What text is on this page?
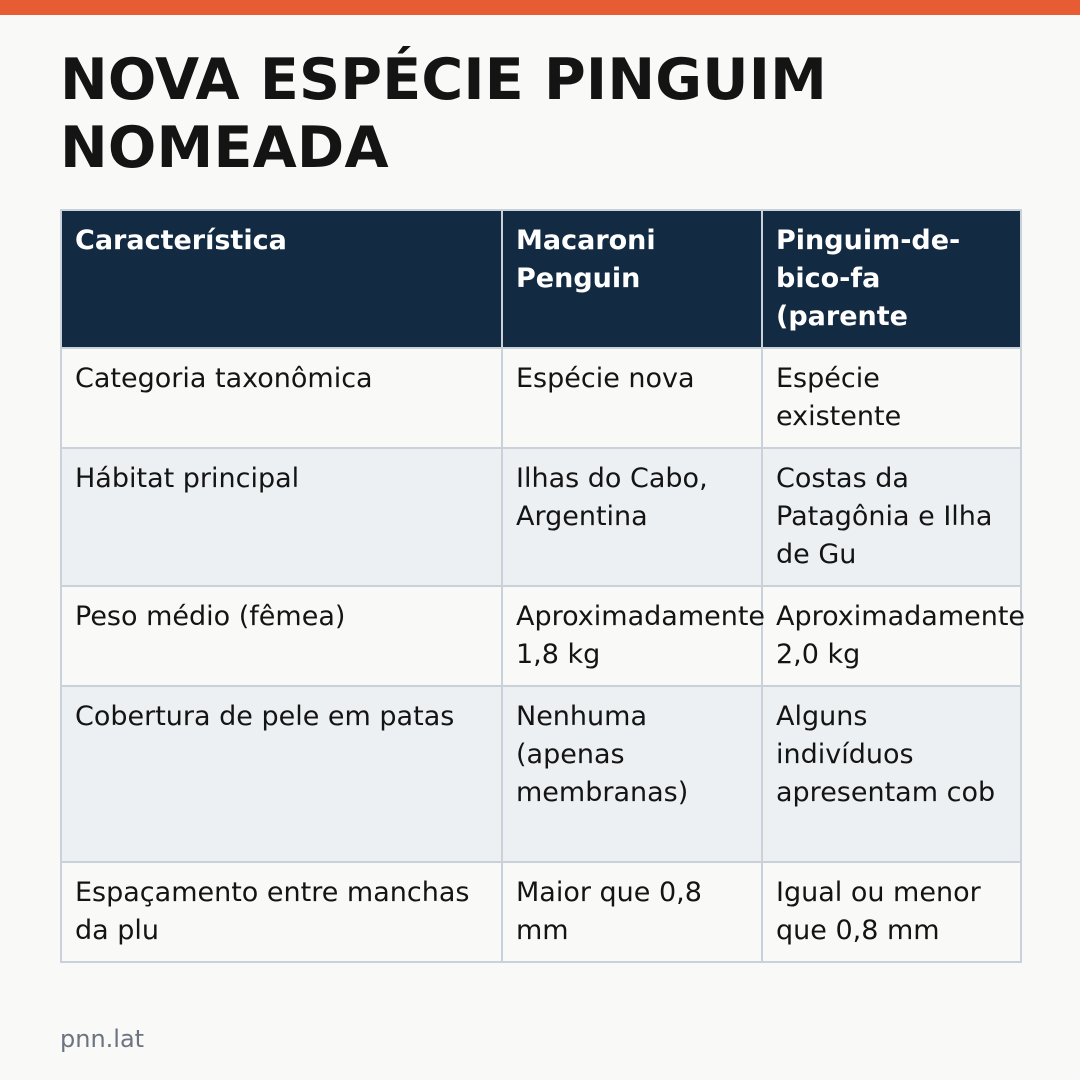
NOVA ESPÉCIE PINGUIM NOMEADA
Característica	Macaroni Penguin	Pinguim-de-bico-fa (parente
Categoria taxonômica	Espécie nova	Espécie existente
Hábitat principal	Ilhas do Cabo, Argentina	Costas da Patagônia e Ilha de Gu
Peso médio (fêmea)	Aproximadamente 1,8 kg	Aproximadamente 2,0 kg
Cobertura de pele em patas	Nenhuma (apenas membranas)	Alguns indivíduos apresentam cob
Espaçamento entre manchas da plu	Maior que 0,8 mm	Igual ou menor que 0,8 mm
pnn.lat
